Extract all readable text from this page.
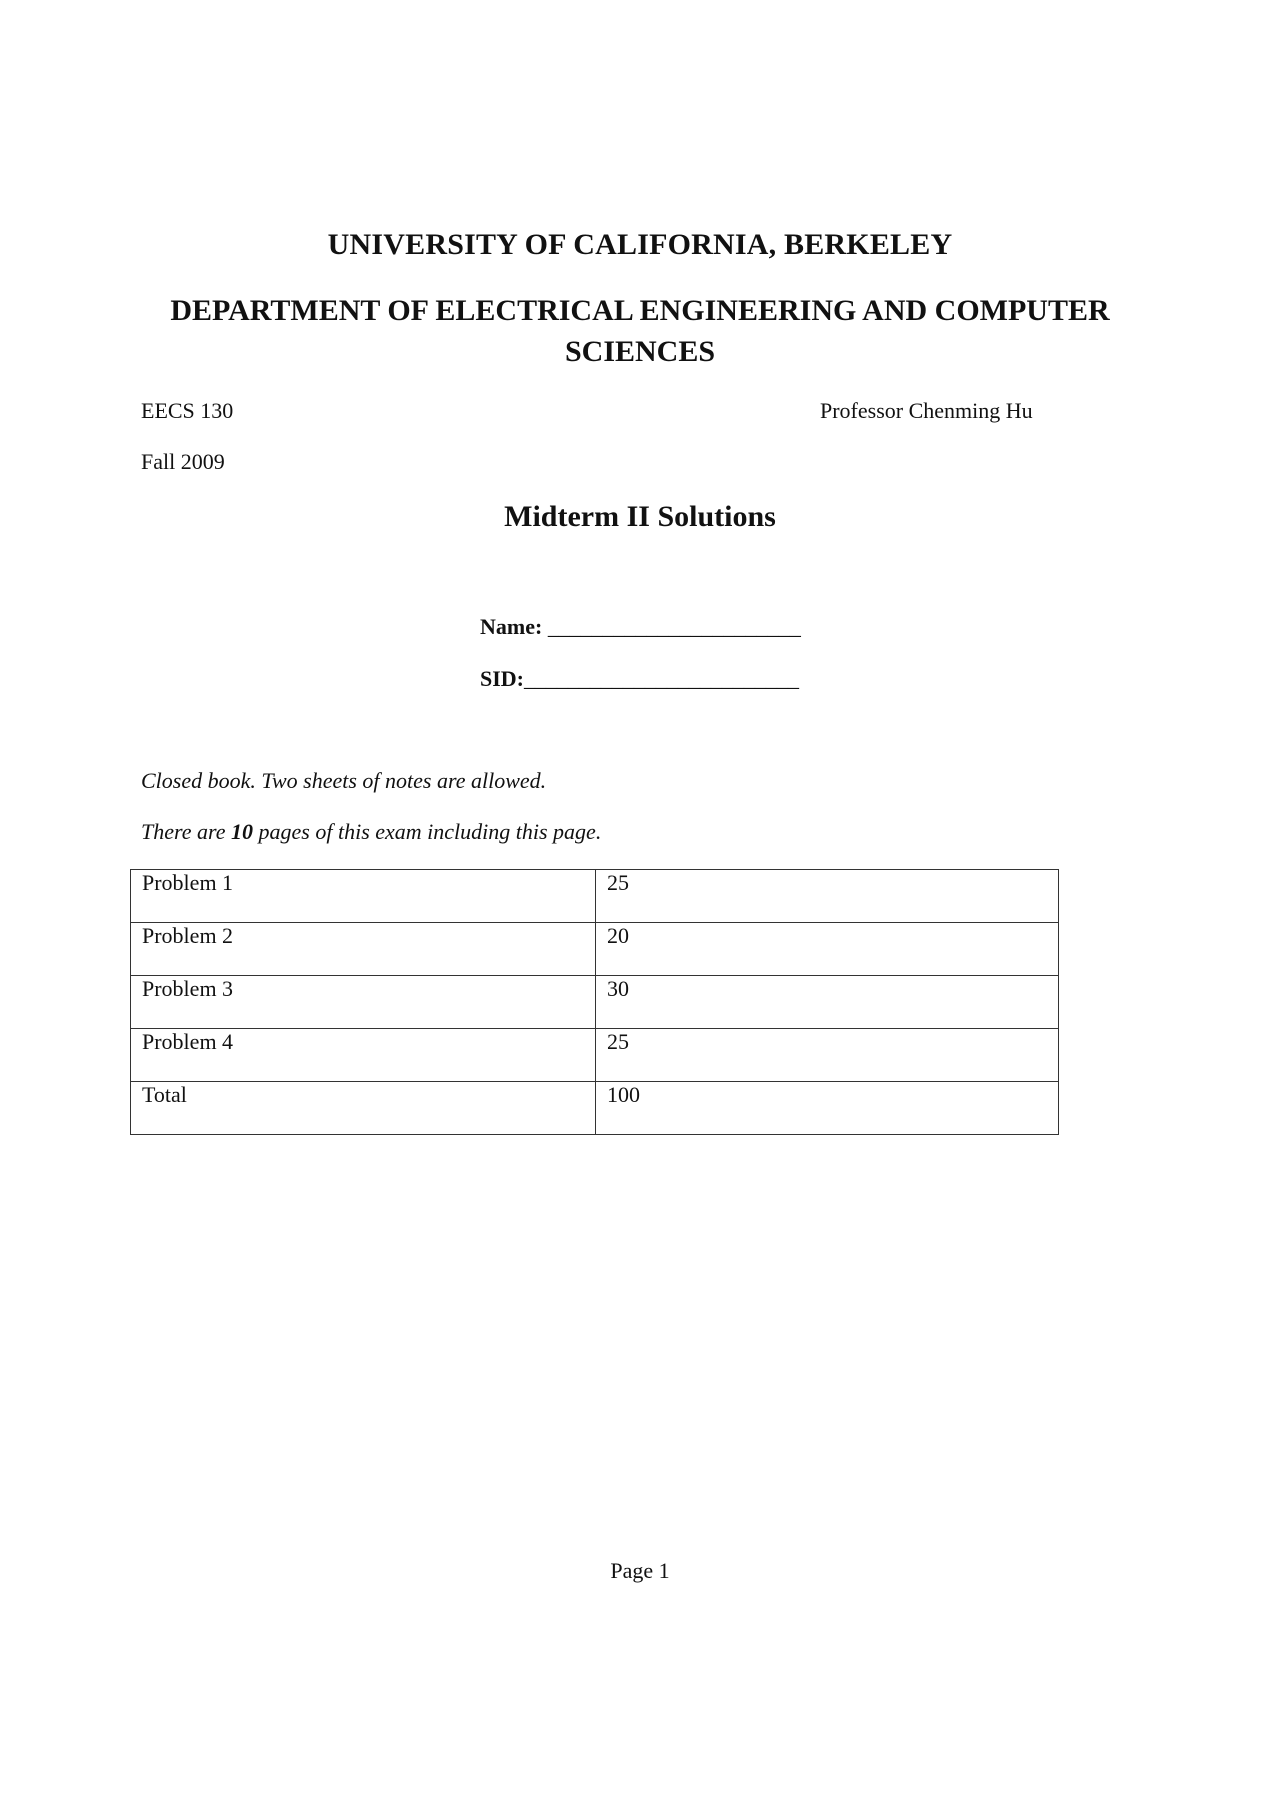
UNIVERSITY OF CALIFORNIA, BERKELEY
DEPARTMENT OF ELECTRICAL ENGINEERING AND COMPUTER SCIENCES
EECS 130	Professor Chenming Hu
Fall 2009
Midterm II Solutions
Name: _______________________
SID:_________________________
Closed book. Two sheets of notes are allowed.
There are 10 pages of this exam including this page.
Problem 1	25
Problem 2	20
Problem 3	30
Problem 4	25
Total	100
Page 1
